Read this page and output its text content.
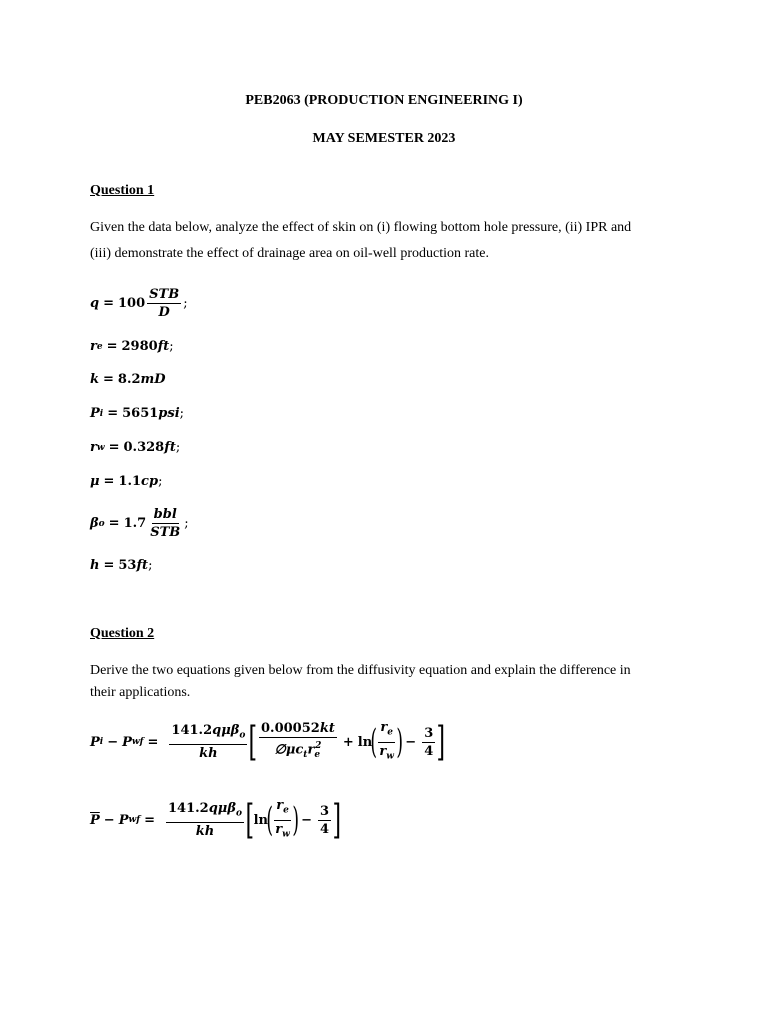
PEB2063 (PRODUCTION ENGINEERING I)
MAY SEMESTER 2023
Question 1
Given the data below, analyze the effect of skin on (i) flowing bottom hole pressure, (ii) IPR and
(iii) demonstrate the effect of drainage area on oil-well production rate.
$q = 100 \frac{\text{STB}}{D}$ ;
r e = 2980 ft ;
k = 8.2 mD
P i = 5651 psi ;
r w = 0.328 ft ;
μ = 1.1 cp ;
β $o = 1.7 \frac{\text{bbl}}{\text{STB}}$ ;
h = 53 ft ;
Question 2
Derive the two equations given below from the diffusivity equation and explain the difference in
their applications.
P i − P wf = $\frac{141.2q\mu\beta_o}{kh}$ [ $\frac{0.00052kt}{\emptyset\mu c_tr_e^2} + \ln$
( $\frac{r_e}{r_w}$ ) − $\frac{3}{4}$ ]
$\overline{P} - P$ wf = $\frac{141.2q\mu\beta_o}{kh}$ [ ln
( $\frac{r_e}{r_w}$ ) − $\frac{3}{4}$ ]
